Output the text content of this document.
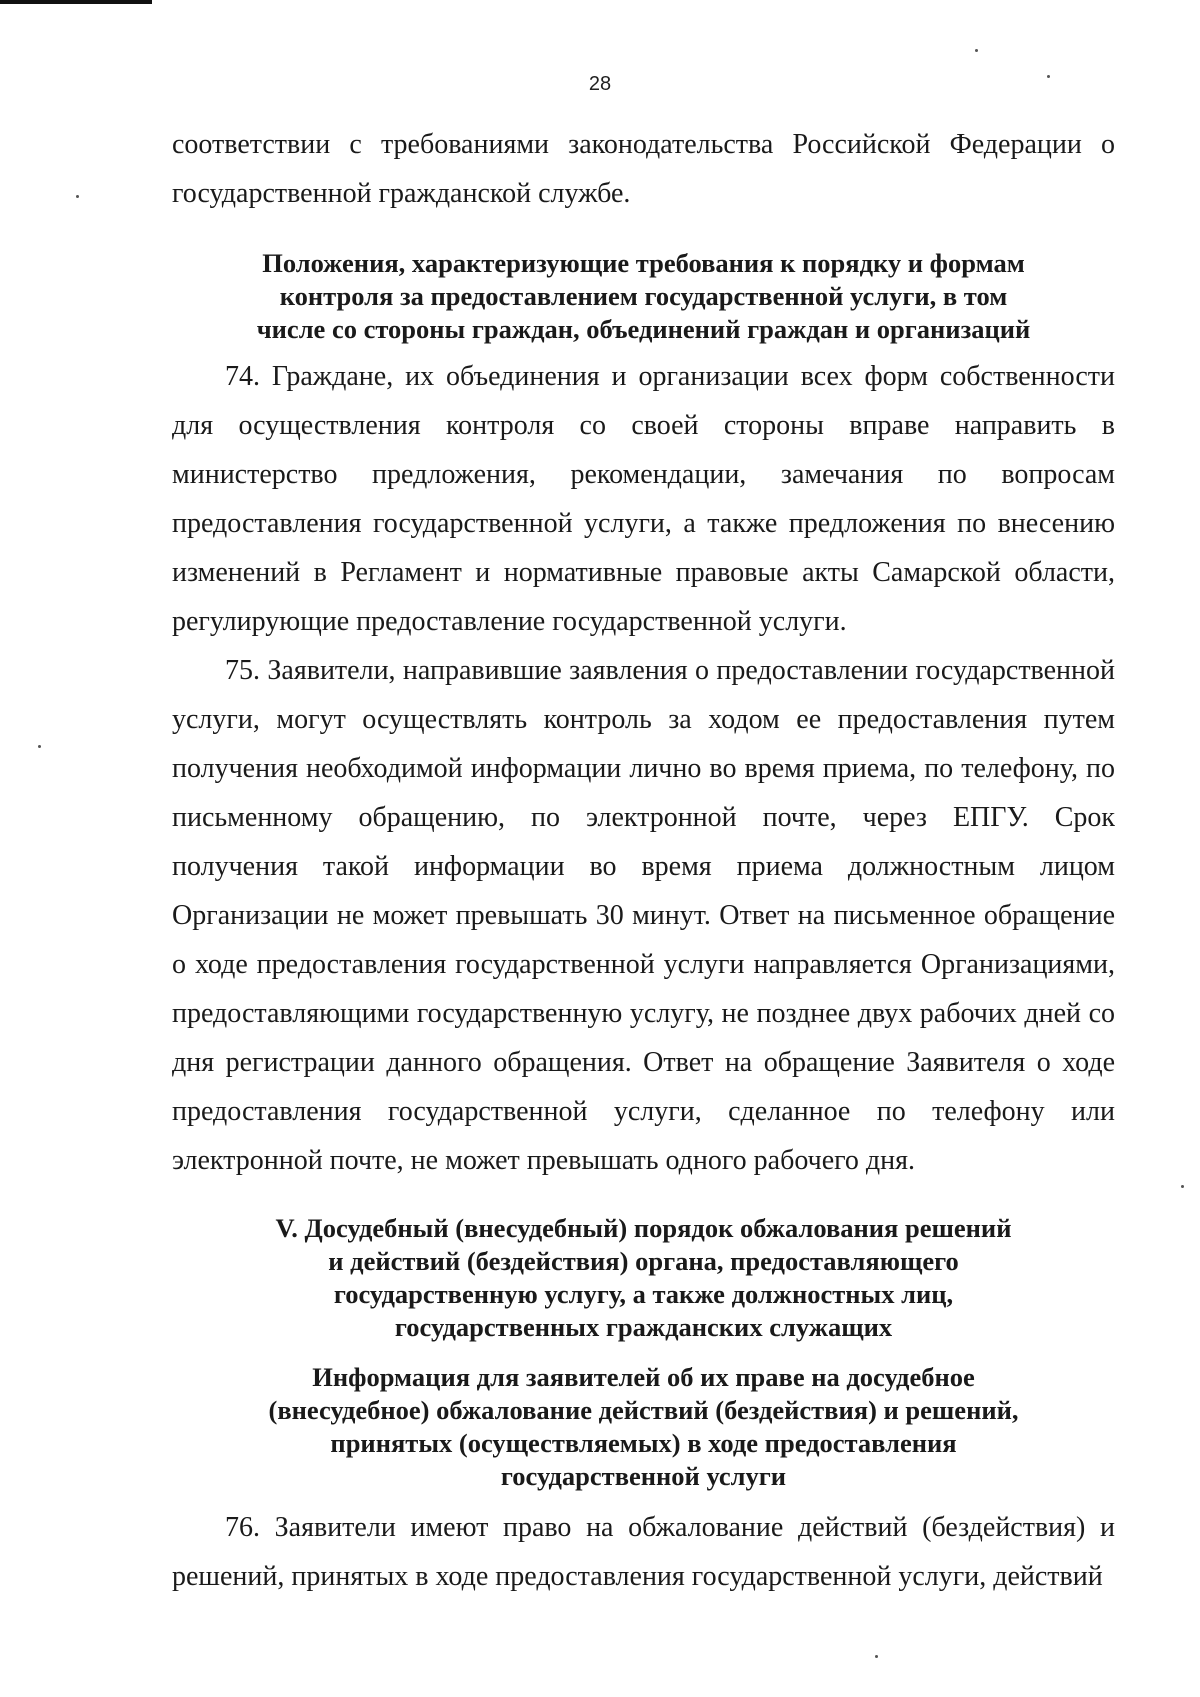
28

соответствии с требованиями законодательства Российской Федерации о государственной гражданской службе.

Положения, характеризующие требования к порядку и формам
контроля за предоставлением государственной услуги, в том
числе со стороны граждан, объединений граждан и организаций

74. Граждане, их объединения и организации всех форм собственности для осуществления контроля со своей стороны вправе направить в министерство предложения, рекомендации, замечания по вопросам предоставления государственной услуги, а также предложения по внесению изменений в Регламент и нормативные правовые акты Самарской области, регулирующие предоставление государственной услуги.

75. Заявители, направившие заявления о предоставлении государственной услуги, могут осуществлять контроль за ходом ее предоставления путем получения необходимой информации лично во время приема, по телефону, по письменному обращению, по электронной почте, через ЕПГУ. Срок получения такой информации во время приема должностным лицом Организации не может превышать 30 минут. Ответ на письменное обращение о ходе предоставления государственной услуги направляется Организациями, предоставляющими государственную услугу, не позднее двух рабочих дней со дня регистрации данного обращения. Ответ на обращение Заявителя о ходе предоставления государственной услуги, сделанное по телефону или электронной почте, не может превышать одного рабочего дня.

V. Досудебный (внесудебный) порядок обжалования решений
и действий (бездействия) органа, предоставляющего
государственную услугу, а также должностных лиц,
государственных гражданских служащих
Информация для заявителей об их праве на досудебное
(внесудебное) обжалование действий (бездействия) и решений,
принятых (осуществляемых) в ходе предоставления
государственной услуги

76. Заявители имеют право на обжалование действий (бездействия) и решений, принятых в ходе предоставления государственной услуги, действий
